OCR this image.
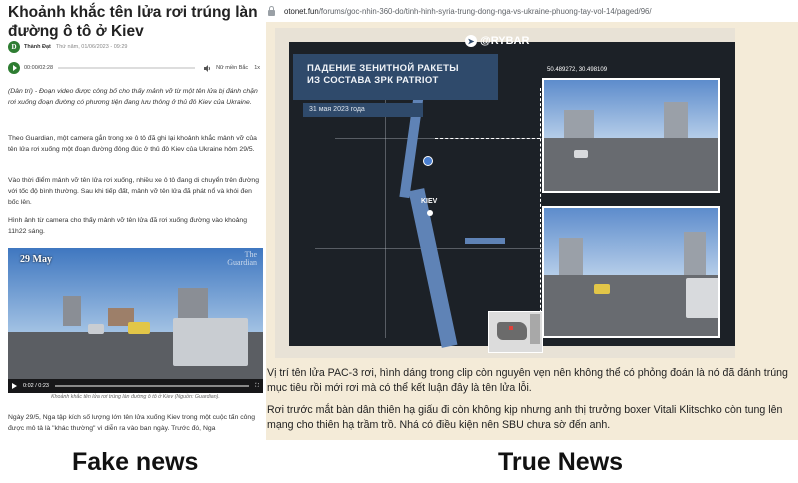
Khoảnh khắc tên lửa rơi trúng làn đường ô tô ở Kiev
D	Thành Đạt Thứ năm, 01/06/2023 - 09:29
00:00/02:28	Nữ miền Bắc 1x
(Dân trí) - Đoạn video được công bố cho thấy mảnh vỡ từ một tên lửa bị đánh chặn rơi xuống đoạn đường có phương tiện đang lưu thông ở thủ đô Kiev của Ukraine.
Theo Guardian, một camera gắn trong xe ô tô đã ghi lại khoảnh khắc mảnh vỡ của tên lửa rơi xuống một đoạn đường đông đúc ở thủ đô Kiev của Ukraine hôm 29/5.
Vào thời điểm mảnh vỡ tên lửa rơi xuống, nhiều xe ô tô đang di chuyển trên đường với tốc độ bình thường. Sau khi tiếp đất, mảnh vỡ tên lửa đã phát nổ và khói đen bốc lên.
Hình ảnh từ camera cho thấy mảnh vỡ tên lửa đã rơi xuống đường vào khoảng 11h22 sáng.
29 May	The
Guardian
0:02 / 0:23	⛶
Khoảnh khắc tên lửa rơi trúng làn đường ô tô ở Kiev (Nguồn: Guardian).
Ngày 29/5, Nga tập kích số lượng lớn tên lửa xuống Kiev trong một cuộc tấn công được mô tả là "khác thường" vì diễn ra vào ban ngày. Trước đó, Nga
otonet.fun /forums/goc-nhin-360-do/tinh-hinh-syria-trung-dong-nga-vs-ukraine-phuong-tay-vol-14/paged/96/
ПАДЕНИЕ ЗЕНИТНОЙ РАКЕТЫ
ИЗ СОСТАВА ЗРК PATRIOT
31 мая 2023 года
➤ @RYBAR
KIEV
50.489272, 30.498109
Vị trí tên lửa PAC-3 rơi, hình dáng trong clip còn nguyên vẹn nên không thể có phỏng đoán là nó đã đánh trúng mục tiêu rồi mới rơi mà có thể kết luận đây là tên lửa lỗi.
Rơi trước mắt bàn dân thiên hạ giấu đi còn không kịp nhưng anh thị trưởng boxer Vitali Klitschko còn tung lên mạng cho thiên hạ trầm trồ. Nhá có điều kiện nên SBU chưa sờ đến anh.
Fake news	True News
